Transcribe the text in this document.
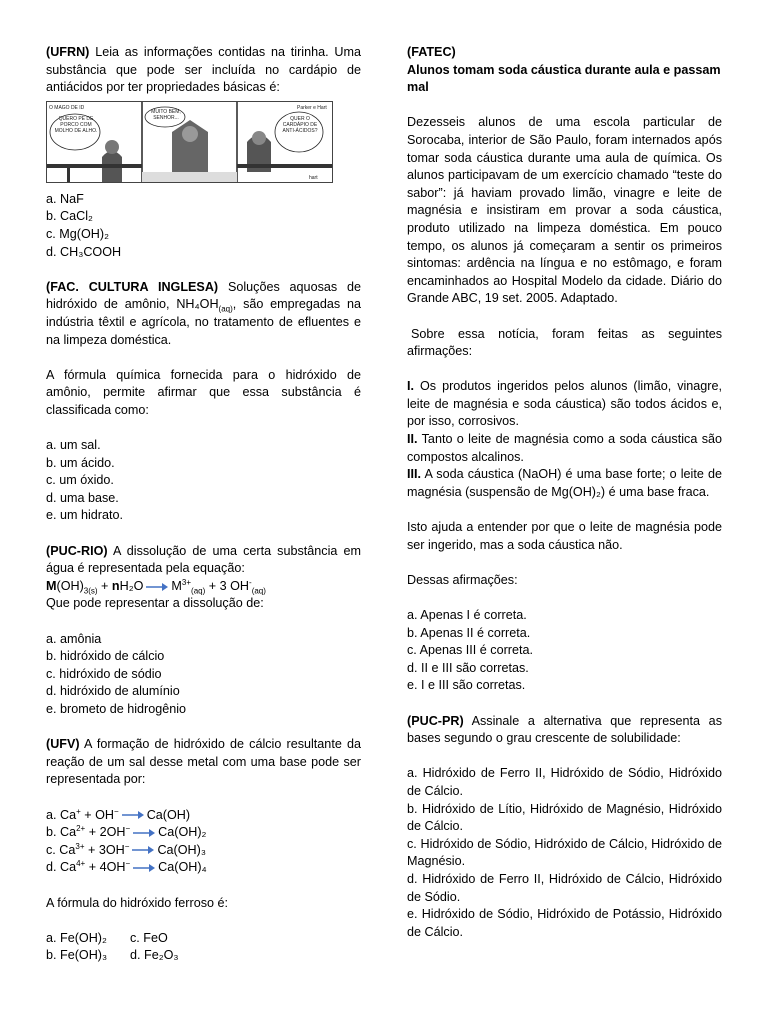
(UFRN) Leia as informações contidas na tirinha. Uma substância que pode ser incluída no cardápio de antiácidos por ter propriedades básicas é:

O MAGO DE ID
QUERO PÉ DE PORCO COM MOLHO DE ALHO.
MUITO BEM, SENHOR...
Parker e Hart
QUER O CARDÁPIO DE ANTI-ÁCIDOS?
hart

a. NaF

b. CaCl₂

c. Mg(OH)₂

d. CH₃COOH

(FAC. CULTURA INGLESA) Soluções aquosas de hidróxido de amônio, $NH_4OH_{(aq)}$, são empregadas na indústria têxtil e agrícola, no tratamento de efluentes e na limpeza doméstica.

A fórmula química fornecida para o hidróxido de amônio, permite afirmar que essa substância é classificada como:

a. um sal.

b. um ácido.

c. um óxido.

d. uma base.

e. um hidrato.

(PUC-RIO) A dissolução de uma certa substância em água é representada pela equação:

$M(OH)_{3(s)} + nH_2O \to M^{3+}_{(aq)} + 3$ $OH^-_{(aq)}$

Que pode representar a dissolução de:

a. amônia

b. hidróxido de cálcio

c. hidróxido de sódio

d. hidróxido de alumínio

e. brometo de hidrogênio

(UFV) A formação de hidróxido de cálcio resultante da reação de um sal desse metal com uma base pode ser representada por:

a. Ca+ + OH− → Ca(OH)

b. $Ca^{2+} + 2OH^- \to Ca(OH)_2$

c. $Ca^{3+} + 3OH^- \to Ca(OH)_3$

d. $Ca^{4+} + 4OH^- \to Ca(OH)_4$

A fórmula do hidróxido ferroso é:

a. Fe(OH)₂ c. FeO

b. Fe(OH)₃ d. Fe₂O₃

(FATEC)

Alunos tomam soda cáustica durante aula e passam mal

Dezesseis alunos de uma escola particular de Sorocaba, interior de São Paulo, foram internados após tomar soda cáustica durante uma aula de química. Os alunos participavam de um exercício chamado “teste do sabor”: já haviam provado limão, vinagre e leite de magnésia e insistiram em provar a soda cáustica, produto utilizado na limpeza doméstica. Em pouco tempo, os alunos já começaram a sentir os primeiros sintomas: ardência na língua e no estômago, e foram encaminhados ao Hospital Modelo da cidade. Diário do Grande ABC, 19 set. 2005. Adaptado.

Sobre essa notícia, foram feitas as seguintes afirmações:

I. Os produtos ingeridos pelos alunos (limão, vinagre, leite de magnésia e soda cáustica) são todos ácidos e, por isso, corrosivos.

II. Tanto o leite de magnésia como a soda cáustica são compostos alcalinos.

III. A soda cáustica (NaOH) é uma base forte; o leite de magnésia (suspensão de Mg(OH)₂) é uma base fraca.

Isto ajuda a entender por que o leite de magnésia pode ser ingerido, mas a soda cáustica não.

Dessas afirmações:

a. Apenas I é correta.

b. Apenas II é correta.

c. Apenas III é correta.

d. II e III são corretas.

e. I e III são corretas.

(PUC-PR) Assinale a alternativa que representa as bases segundo o grau crescente de solubilidade:

a. Hidróxido de Ferro II, Hidróxido de Sódio, Hidróxido de Cálcio.

b. Hidróxido de Lítio, Hidróxido de Magnésio, Hidróxido de Cálcio.

c. Hidróxido de Sódio, Hidróxido de Cálcio, Hidróxido de Magnésio.

d. Hidróxido de Ferro II, Hidróxido de Cálcio, Hidróxido de Sódio.

e. Hidróxido de Sódio, Hidróxido de Potássio, Hidróxido de Cálcio.
